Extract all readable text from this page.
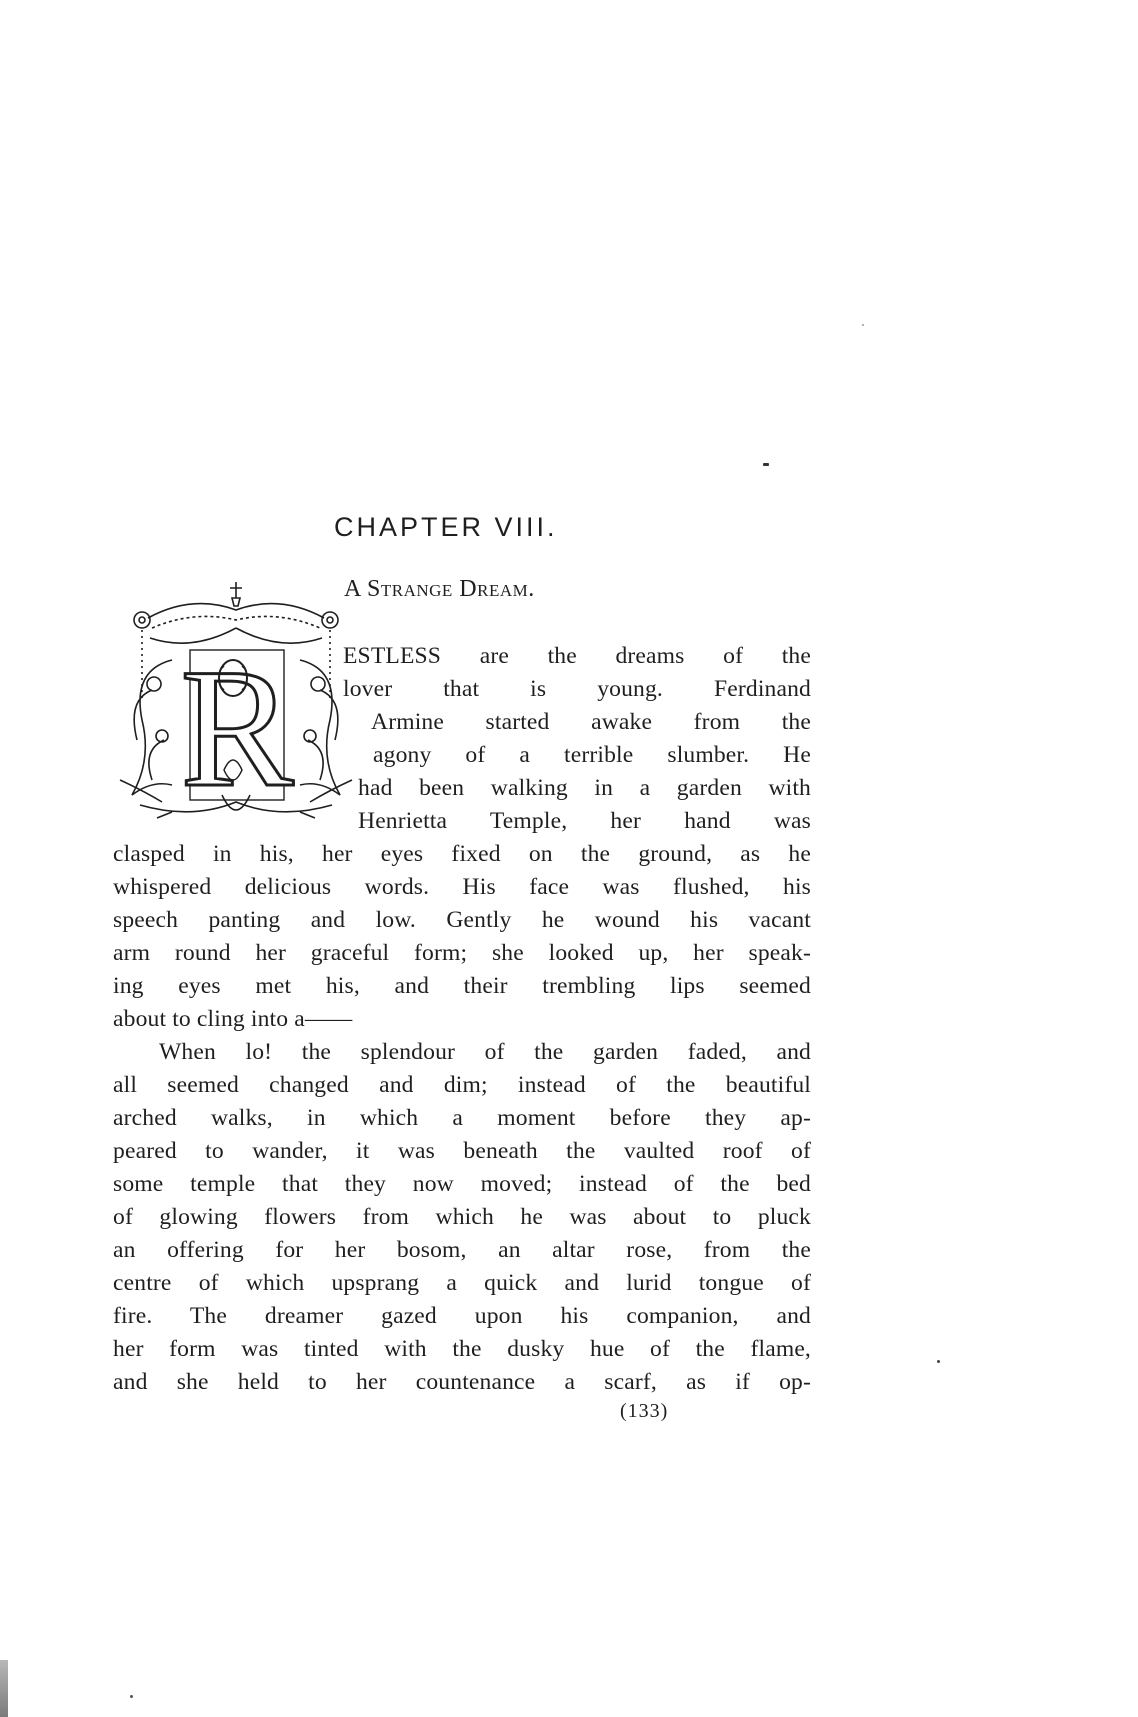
CHAPTER VIII.
A Strange Dream.
R ESTLESS are the dreams of the
lover that is young. Ferdinand
Armine started awake from the
agony of a terrible slumber. He
had been walking in a garden with
Henrietta Temple, her hand was
clasped in his, her eyes fixed on the ground, as he
whispered delicious words. His face was flushed, his
speech panting and low. Gently he wound his vacant
arm round her graceful form; she looked up, her speak-
ing eyes met his, and their trembling lips seemed
about to cling into a——
When lo! the splendour of the garden faded, and
all seemed changed and dim; instead of the beautiful
arched walks, in which a moment before they ap-
peared to wander, it was beneath the vaulted roof of
some temple that they now moved; instead of the bed
of glowing flowers from which he was about to pluck
an offering for her bosom, an altar rose, from the
centre of which upsprang a quick and lurid tongue of
fire. The dreamer gazed upon his companion, and
her form was tinted with the dusky hue of the flame,
and she held to her countenance a scarf, as if op-
(133)
